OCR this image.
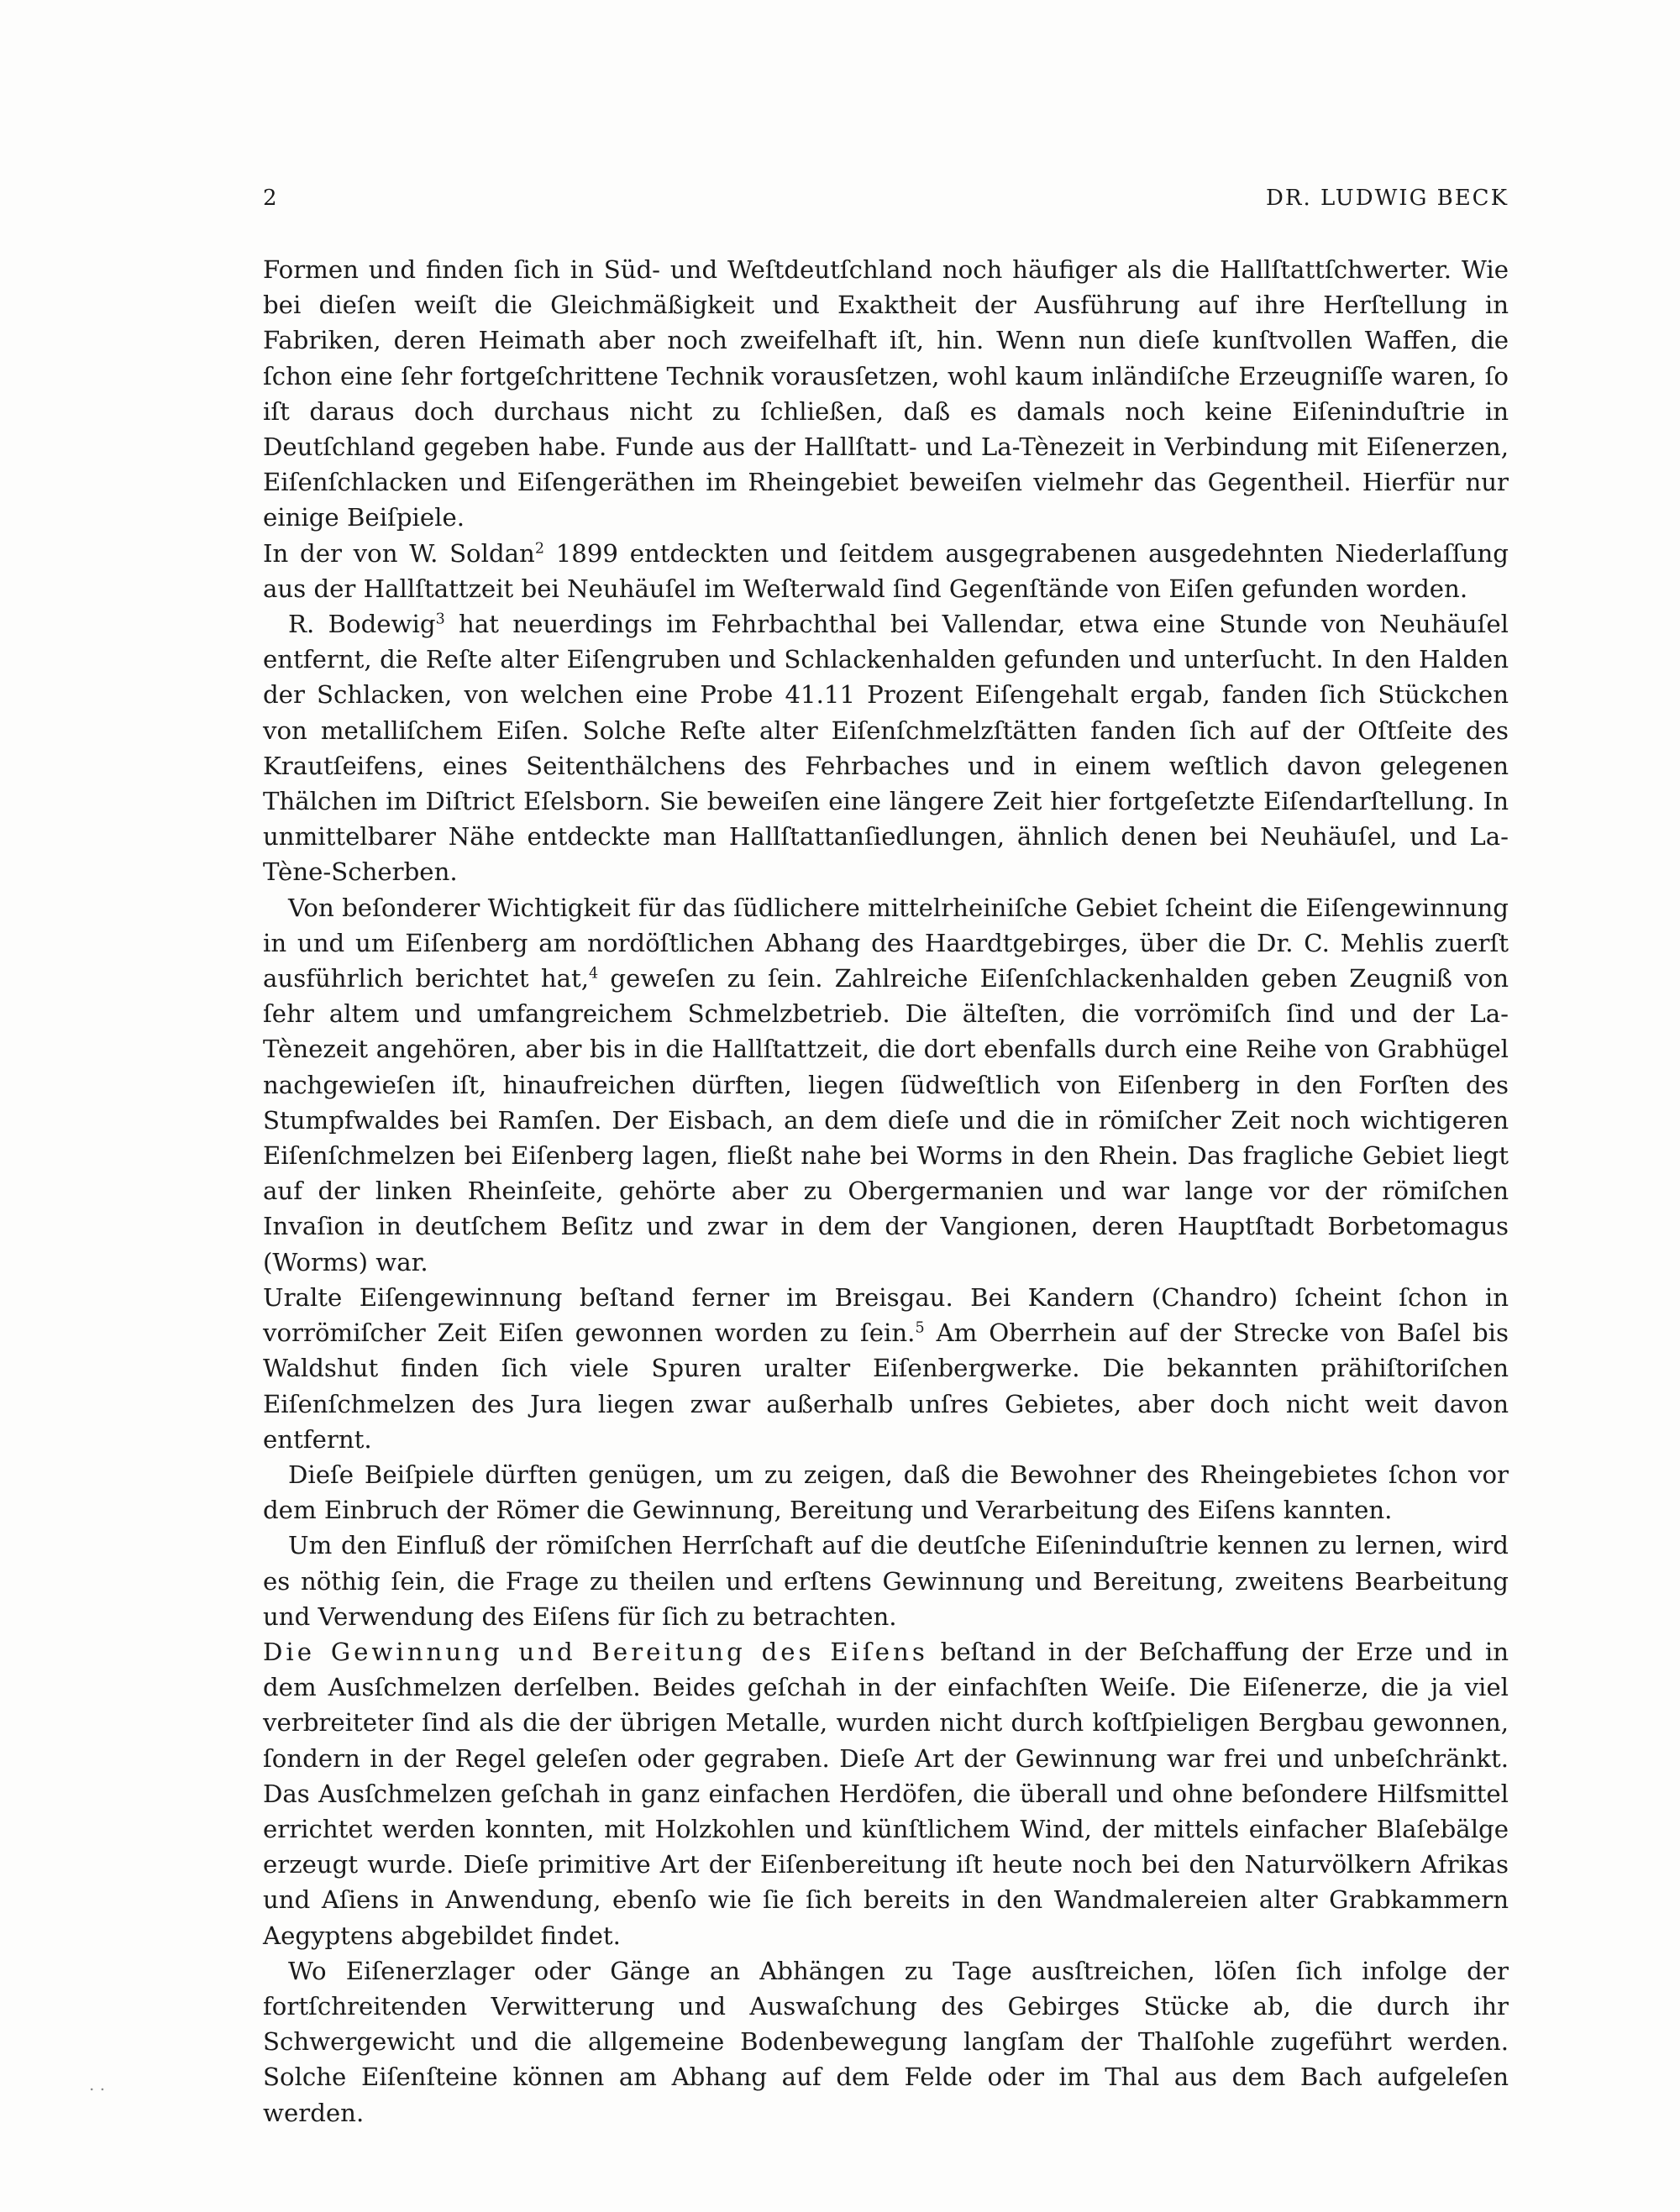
2	DR. LUDWIG BECK

Formen und finden ſich in Süd- und Weſtdeutſchland noch häufiger als die Hallſtattſchwerter. Wie bei dieſen weiſt die Gleichmäßigkeit und Exaktheit der Ausführung auf ihre Herſtellung in Fabriken, deren Heimath aber noch zweifelhaft iſt, hin. Wenn nun dieſe kunſtvollen Waffen, die ſchon eine ſehr fortgeſchrittene Technik vorausſetzen, wohl kaum inländiſche Erzeugniſſe waren, ſo iſt daraus doch durchaus nicht zu ſchließen, daß es damals noch keine Eiſeninduſtrie in Deutſchland gegeben habe. Funde aus der Hallſtatt- und La-Tènezeit in Verbindung mit Eiſenerzen, Eiſenſchlacken und Eiſengeräthen im Rheingebiet beweiſen vielmehr das Gegentheil. Hierfür nur einige Beiſpiele.

In der von W. Soldan$^2$ 1899 entdeckten und ſeitdem ausgegrabenen ausgedehnten Niederlaſſung aus der Hallſtattzeit bei Neuhäuſel im Weſterwald ſind Gegenſtände von Eiſen gefunden worden.

R. Bodewig$^3$ hat neuerdings im Fehrbachthal bei Vallendar, etwa eine Stunde von Neuhäuſel entfernt, die Reſte alter Eiſengruben und Schlackenhalden gefunden und unterſucht. In den Halden der Schlacken, von welchen eine Probe 41.11 Prozent Eiſengehalt ergab, fanden ſich Stückchen von metalliſchem Eiſen. Solche Reſte alter Eiſenſchmelzſtätten fanden ſich auf der Oſtſeite des Krautſeifens, eines Seitenthälchens des Fehrbaches und in einem weſtlich davon gelegenen Thälchen im Diſtrict Eſelsborn. Sie beweiſen eine längere Zeit hier fortgeſetzte Eiſendarſtellung. In unmittelbarer Nähe entdeckte man Hallſtattanſiedlungen, ähnlich denen bei Neuhäuſel, und La-Tène-Scherben.

Von beſonderer Wichtigkeit für das ſüdlichere mittelrheiniſche Gebiet ſcheint die Eiſengewinnung in und um Eiſenberg am nordöſtlichen Abhang des Haardtgebirges, über die Dr. C. Mehlis zuerſt ausführlich berichtet hat,$^4$ geweſen zu ſein. Zahlreiche Eiſenſchlackenhalden geben Zeugniß von ſehr altem und umfangreichem Schmelzbetrieb. Die älteſten, die vorrömiſch ſind und der La-Tènezeit angehören, aber bis in die Hallſtattzeit, die dort ebenfalls durch eine Reihe von Grabhügel nachgewieſen iſt, hinaufreichen dürften, liegen ſüdweſtlich von Eiſenberg in den Forſten des Stumpfwaldes bei Ramſen. Der Eisbach, an dem dieſe und die in römiſcher Zeit noch wichtigeren Eiſenſchmelzen bei Eiſenberg lagen, fließt nahe bei Worms in den Rhein. Das fragliche Gebiet liegt auf der linken Rheinſeite, gehörte aber zu Obergermanien und war lange vor der römiſchen Invaſion in deutſchem Beſitz und zwar in dem der Vangionen, deren Hauptſtadt Borbetomagus (Worms) war.

Uralte Eiſengewinnung beſtand ferner im Breisgau. Bei Kandern (Chandro) ſcheint ſchon in vorrömiſcher Zeit Eiſen gewonnen worden zu ſein.$^5$ Am Oberrhein auf der Strecke von Baſel bis Waldshut finden ſich viele Spuren uralter Eiſenbergwerke. Die bekannten prähiſtoriſchen Eiſenſchmelzen des Jura liegen zwar außerhalb unſres Gebietes, aber doch nicht weit davon entfernt.

Dieſe Beiſpiele dürften genügen, um zu zeigen, daß die Bewohner des Rheingebietes ſchon vor dem Einbruch der Römer die Gewinnung, Bereitung und Verarbeitung des Eiſens kannten.

Um den Einfluß der römiſchen Herrſchaft auf die deutſche Eiſeninduſtrie kennen zu lernen, wird es nöthig ſein, die Frage zu theilen und erſtens Gewinnung und Bereitung, zweitens Bearbeitung und Verwendung des Eiſens für ſich zu betrachten.

Die Gewinnung und Bereitung des Eiſens beſtand in der Beſchaffung der Erze und in dem Ausſchmelzen derſelben. Beides geſchah in der einfachſten Weiſe. Die Eiſenerze, die ja viel verbreiteter ſind als die der übrigen Metalle, wurden nicht durch koſtſpieligen Bergbau gewonnen, ſondern in der Regel geleſen oder gegraben. Dieſe Art der Gewinnung war frei und unbeſchränkt. Das Ausſchmelzen geſchah in ganz einfachen Herdöfen, die überall und ohne beſondere Hilfsmittel errichtet werden konnten, mit Holzkohlen und künſtlichem Wind, der mittels einfacher Blaſebälge erzeugt wurde. Dieſe primitive Art der Eiſenbereitung iſt heute noch bei den Naturvölkern Afrikas und Aſiens in Anwendung, ebenſo wie ſie ſich bereits in den Wandmalereien alter Grabkammern Aegyptens abgebildet findet.

Wo Eiſenerzlager oder Gänge an Abhängen zu Tage ausſtreichen, löſen ſich infolge der fortſchreitenden Verwitterung und Auswaſchung des Gebirges Stücke ab, die durch ihr Schwergewicht und die allgemeine Bodenbewegung langſam der Thalſohle zugeführt werden. Solche Eiſenſteine können am Abhang auf dem Felde oder im Thal aus dem Bach aufgeleſen werden.

. .
